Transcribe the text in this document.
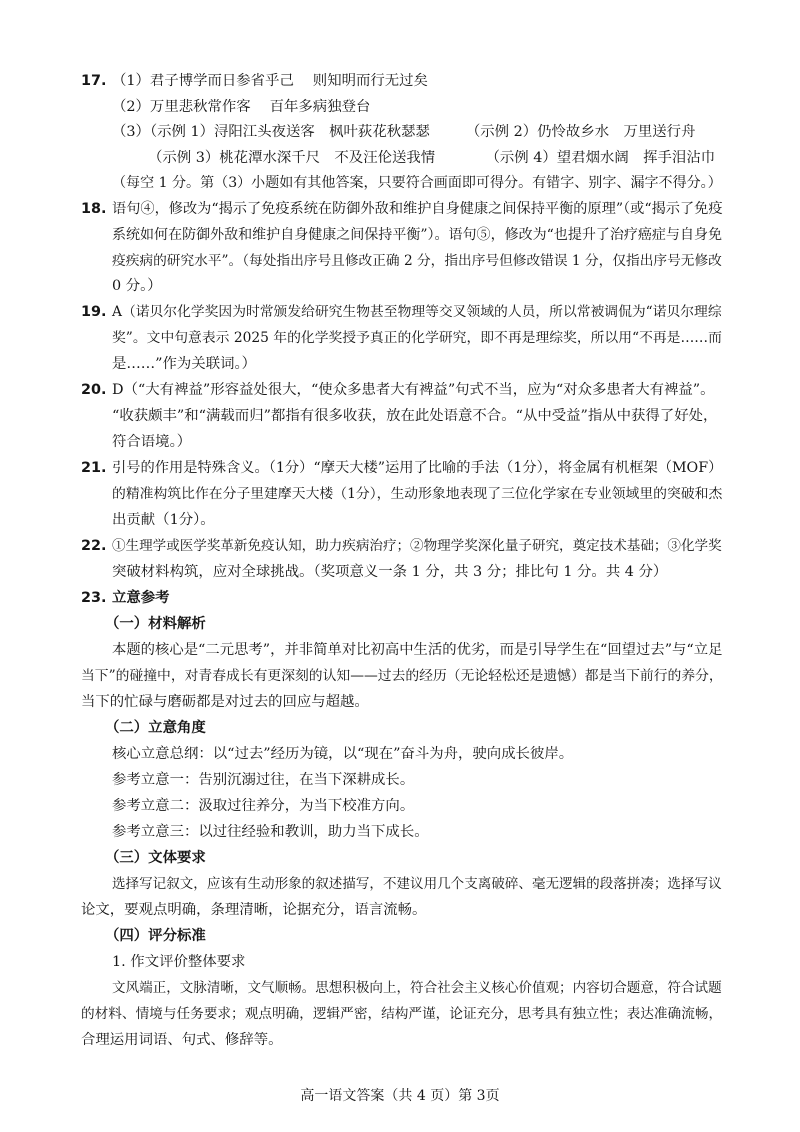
17. （1）君子博学而日参省乎己　 则知明而行无过矣
（2）万里悲秋常作客　 百年多病独登台
（3）（示例 1）浔阳江头夜送客　枫叶荻花秋瑟瑟　　　（示例 2）仍怜故乡水　万里送行舟
（示例 3）桃花潭水深千尺　不及汪伦送我情　　　　（示例 4）望君烟水阔　挥手泪沾巾
（每空 1 分。第（3）小题如有其他答案，只要符合画面即可得分。有错字、别字、漏字不得分。）
18. 语句④，修改为“揭示了免疫系统在防御外敌和维护自身健康之间保持平衡的原理”（或“揭示了免疫
系统如何在防御外敌和维护自身健康之间保持平衡”）。语句⑤，修改为“也提升了治疗癌症与自身免
疫疾病的研究水平”。（每处指出序号且修改正确 2 分，指出序号但修改错误 1 分，仅指出序号无修改
0 分。）
19. A（诺贝尔化学奖因为时常颁发给研究生物甚至物理等交叉领域的人员，所以常被调侃为“诺贝尔理综
奖”。文中句意表示 2025 年的化学奖授予真正的化学研究，即不再是理综奖，所以用“不再是……而
是……”作为关联词。）
20. D（“大有裨益”形容益处很大，“使众多患者大有裨益”句式不当，应为“对众多患者大有裨益”。
“收获颇丰”和“满载而归”都指有很多收获，放在此处语意不合。“从中受益”指从中获得了好处，
符合语境。）
21. 引号的作用是特殊含义。（1分）“摩天大楼”运用了比喻的手法（1分），将金属有机框架（MOF）
的精准构筑比作在分子里建摩天大楼（1分），生动形象地表现了三位化学家在专业领域里的突破和杰
出贡献（1分）。
22. ①生理学或医学奖革新免疫认知，助力疾病治疗；②物理学奖深化量子研究，奠定技术基础；③化学奖
突破材料构筑，应对全球挑战。（奖项意义一条 1 分，共 3 分；排比句 1 分。共 4 分）
23. 立意参考
（一）材料解析
本题的核心是“二元思考”，并非简单对比初高中生活的优劣，而是引导学生在“回望过去”与“立足
当下”的碰撞中，对青春成长有更深刻的认知——过去的经历（无论轻松还是遗憾）都是当下前行的养分，
当下的忙碌与磨砺都是对过去的回应与超越。
（二）立意角度
核心立意总纲：以“过去”经历为镜，以“现在”奋斗为舟，驶向成长彼岸。
参考立意一：告别沉溺过往，在当下深耕成长。
参考立意二：汲取过往养分，为当下校准方向。
参考立意三：以过往经验和教训，助力当下成长。
（三）文体要求
选择写记叙文，应该有生动形象的叙述描写，不建议用几个支离破碎、毫无逻辑的段落拼凑；选择写议
论文，要观点明确，条理清晰，论据充分，语言流畅。
（四）评分标准
1. 作文评价整体要求
文风端正，文脉清晰，文气顺畅。思想积极向上，符合社会主义核心价值观；内容切合题意，符合试题
的材料、情境与任务要求；观点明确，逻辑严密，结构严谨，论证充分，思考具有独立性；表达准确流畅，
合理运用词语、句式、修辞等。
高一语文答案（共 4 页）第 3页
